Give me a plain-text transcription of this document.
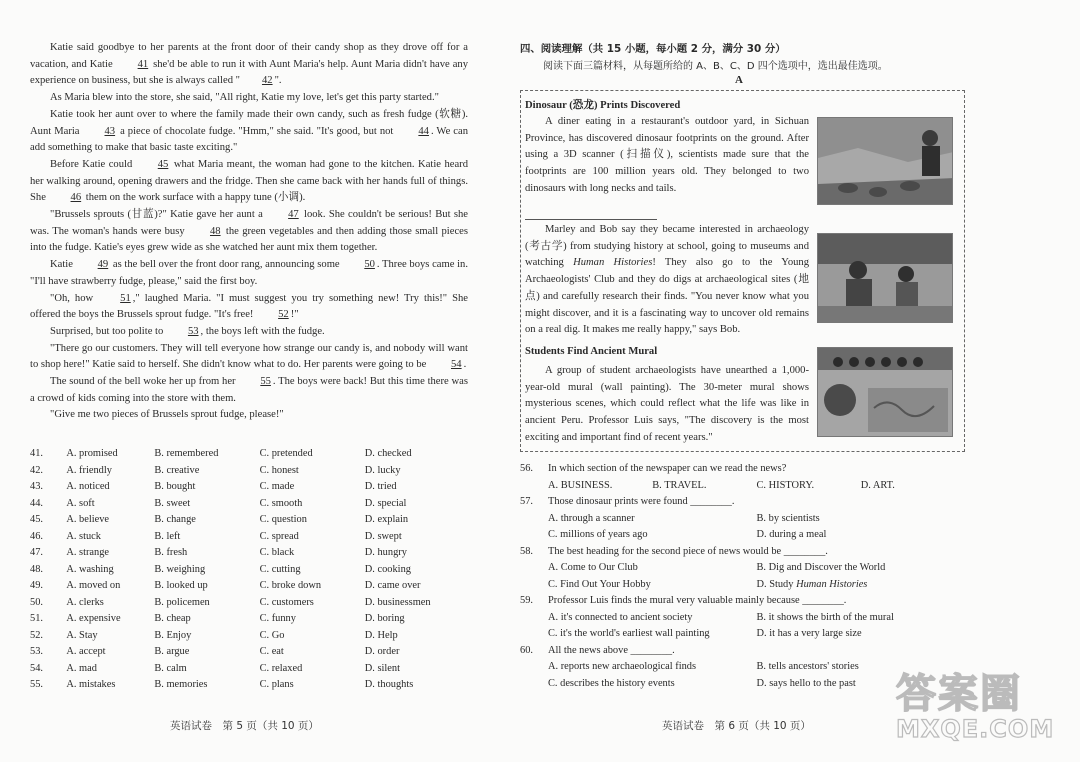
Katie said goodbye to her parents at the front door of their candy shop as they drove off for a vacation, and Katie 41 she'd be able to run it with Aunt Maria's help. Aunt Maria didn't have any experience on business, but she is always called " 42 ".
As Maria blew into the store, she said, "All right, Katie my love, let's get this party started."
Katie took her aunt over to where the family made their own candy, such as fresh fudge (软糖). Aunt Maria 43 a piece of chocolate fudge. "Hmm," she said. "It's good, but not 44 . We can add something to make that basic taste exciting."
Before Katie could 45 what Maria meant, the woman had gone to the kitchen. Katie heard her walking around, opening drawers and the fridge. Then she came back with her hands full of things. She 46 them on the work surface with a happy tune (小调).
"Brussels sprouts (甘蓝)?" Katie gave her aunt a 47 look. She couldn't be serious! But she was. The woman's hands were busy 48 the green vegetables and then adding those small pieces into the fudge. Katie's eyes grew wide as she watched her aunt mix them together.
Katie 49 as the bell over the front door rang, announcing some 50 . Three boys came in. "I'll have strawberry fudge, please," said the first boy.
"Oh, how 51 ," laughed Maria. "I must suggest you try something new! Try this!" She offered the boys the Brussels sprout fudge. "It's free! 52 !"
Surprised, but too polite to 53 , the boys left with the fudge.
"There go our customers. They will tell everyone how strange our candy is, and nobody will want to shop here!" Katie said to herself. She didn't know what to do. Her parents were going to be 54 .
The sound of the bell woke her up from her 55 . The boys were back! But this time there was a crowd of kids coming into the store with them.
"Give me two pieces of Brussels sprout fudge, please!"
41.	A. promised	B. remembered	C. pretended	D. checked
42.	A. friendly	B. creative	C. honest	D. lucky
43.	A. noticed	B. bought	C. made	D. tried
44.	A. soft	B. sweet	C. smooth	D. special
45.	A. believe	B. change	C. question	D. explain
46.	A. stuck	B. left	C. spread	D. swept
47.	A. strange	B. fresh	C. black	D. hungry
48.	A. washing	B. weighing	C. cutting	D. cooking
49.	A. moved on	B. looked up	C. broke down	D. came over
50.	A. clerks	B. policemen	C. customers	D. businessmen
51.	A. expensive	B. cheap	C. funny	D. boring
52.	A. Stay	B. Enjoy	C. Go	D. Help
53.	A. accept	B. argue	C. eat	D. order
54.	A. mad	B. calm	C. relaxed	D. silent
55.	A. mistakes	B. memories	C. plans	D. thoughts
英语试卷　第 5 页（共 10 页）
四、阅读理解（共 15 小题，每小题 2 分，满分 30 分）
阅读下面三篇材料，从每题所给的 A、B、C、D 四个选项中，选出最佳选项。
A
Dinosaur (恐龙) Prints Discovered
A diner eating in a restaurant's outdoor yard, in Sichuan Province, has discovered dinosaur footprints on the ground. After using a 3D scanner (扫描仪), scientists made sure that the footprints are 100 million years old. They belonged to two dinosaurs with long necks and tails.
Marley and Bob say they became interested in archaeology (考古学) from studying history at school, going to museums and watching Human Histories! They also go to the Young Archaeologists' Club and they do digs at archaeological sites (地点) and carefully research their finds. "You never know what you might discover, and it is a fascinating way to uncover old remains on a real dig. It makes me really happy," says Bob.
Students Find Ancient Mural
A group of student archaeologists have unearthed a 1,000-year-old mural (wall painting). The 30-meter mural shows mysterious scenes, which could reflect what the life was like in ancient Peru. Professor Luis says, "The discovery is the most exciting and important find of recent years."
56. In which section of the newspaper can we read the news?
A. BUSINESS.	B. TRAVEL.	C. HISTORY.	D. ART.
57. Those dinosaur prints were found ________.
A. through a scanner	B. by scientists
C. millions of years ago	D. during a meal
58. The best heading for the second piece of news would be ________.
A. Come to Our Club	B. Dig and Discover the World
C. Find Out Your Hobby	D. Study Human Histories
59. Professor Luis finds the mural very valuable mainly because ________.
A. it's connected to ancient society	B. it shows the birth of the mural
C. it's the world's earliest wall painting	D. it has a very large size
60. All the news above ________.
A. reports new archaeological finds	B. tells ancestors' stories
C. describes the history events	D. says hello to the past
英语试卷　第 6 页（共 10 页）
答案圈
MXQE.COM
